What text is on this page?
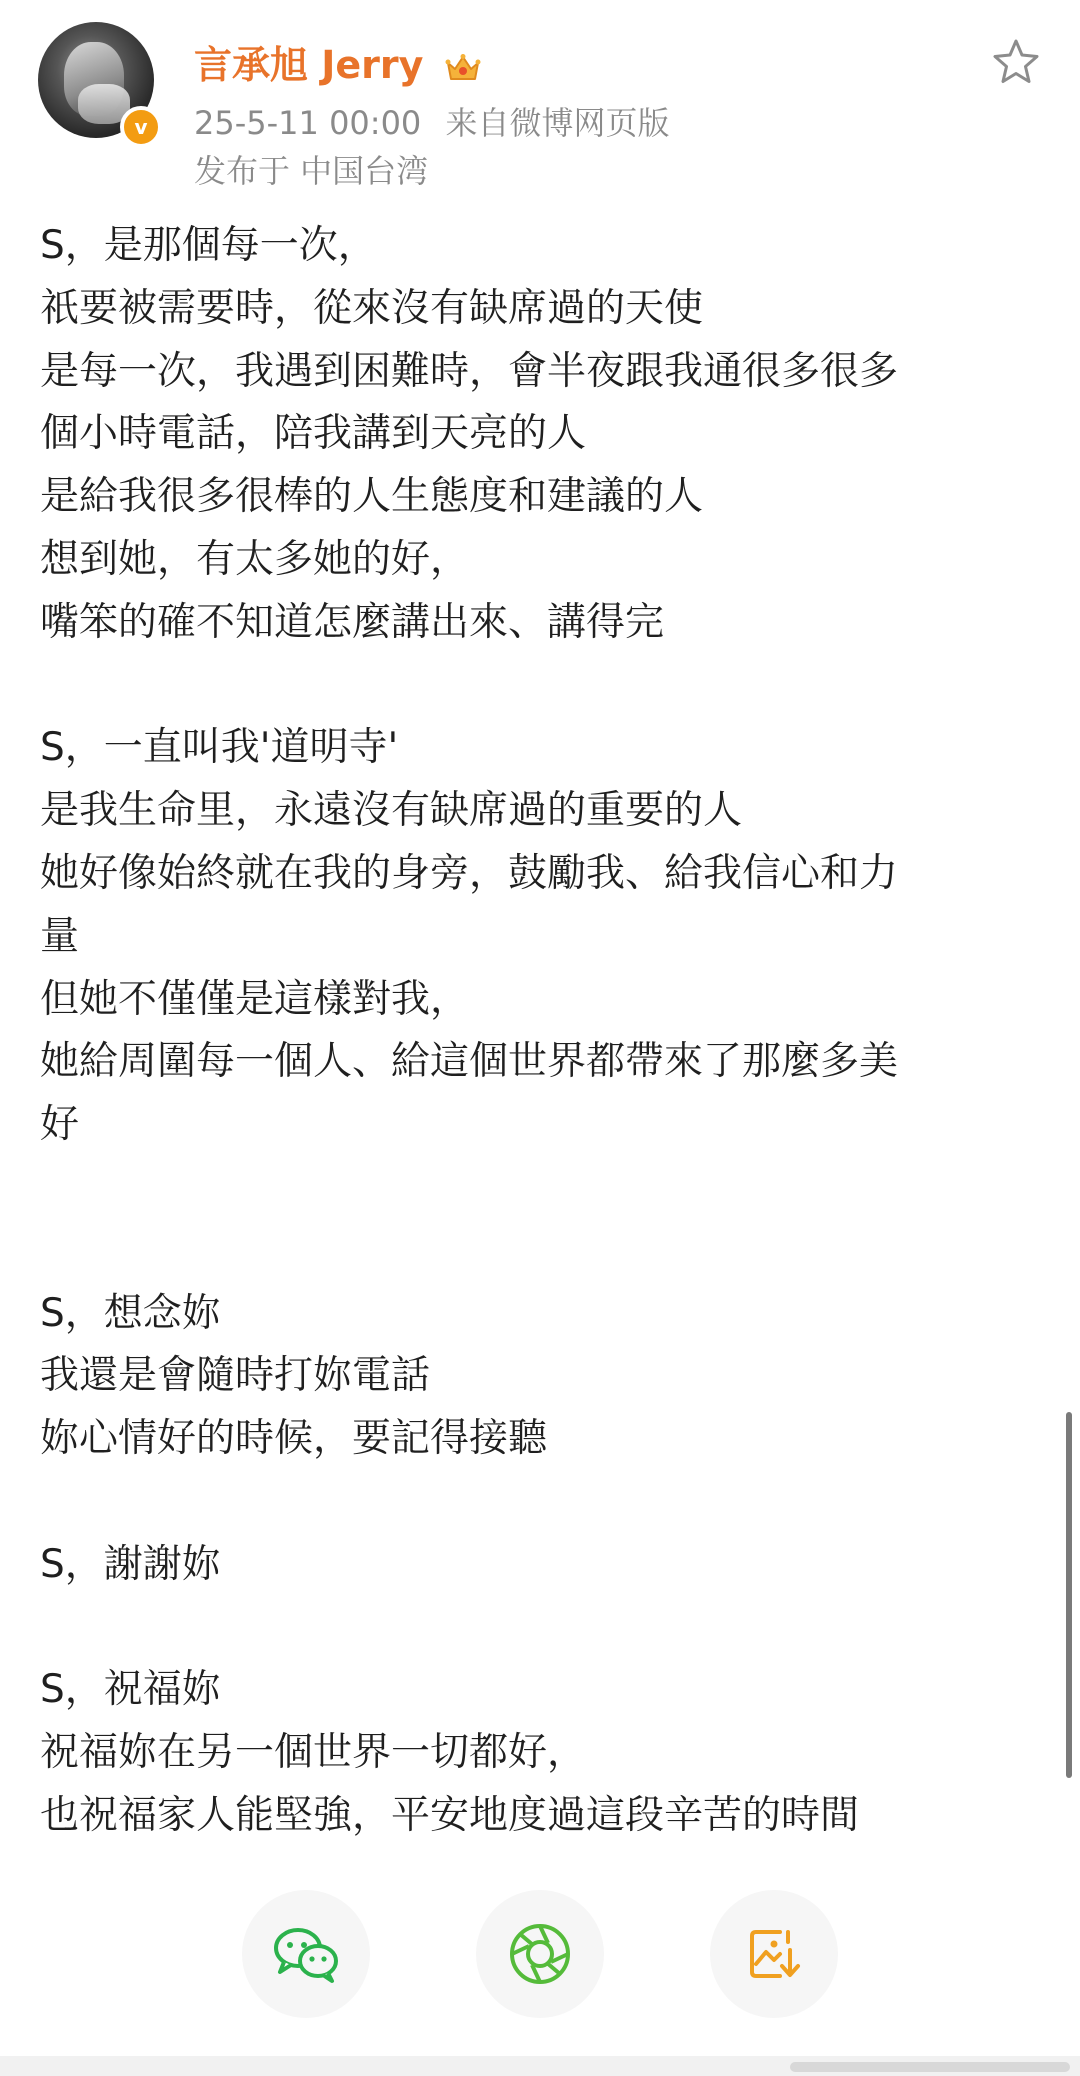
v
言承旭 Jerry
25-5-11 00:00 来自微博网页版
发布于 中国台湾
S，是那個每一次，
祇要被需要時，從來沒有缺席過的天使
是每一次，我遇到困難時，會半夜跟我通很多很多
個小時電話，陪我講到天亮的人
是給我很多很棒的人生態度和建議的人
想到她，有太多她的好，
嘴笨的確不知道怎麼講出來、講得完
S，一直叫我'道明寺'
是我生命里，永遠沒有缺席過的重要的人
她好像始終就在我的身旁，鼓勵我、給我信心和力
量
但她不僅僅是這樣對我，
她給周圍每一個人、給這個世界都帶來了那麼多美
好
S，想念妳
我還是會隨時打妳電話
妳心情好的時候，要記得接聽
S，謝謝妳
S，祝福妳
祝福妳在另一個世界一切都好，
也祝福家人能堅強，平安地度過這段辛苦的時間
